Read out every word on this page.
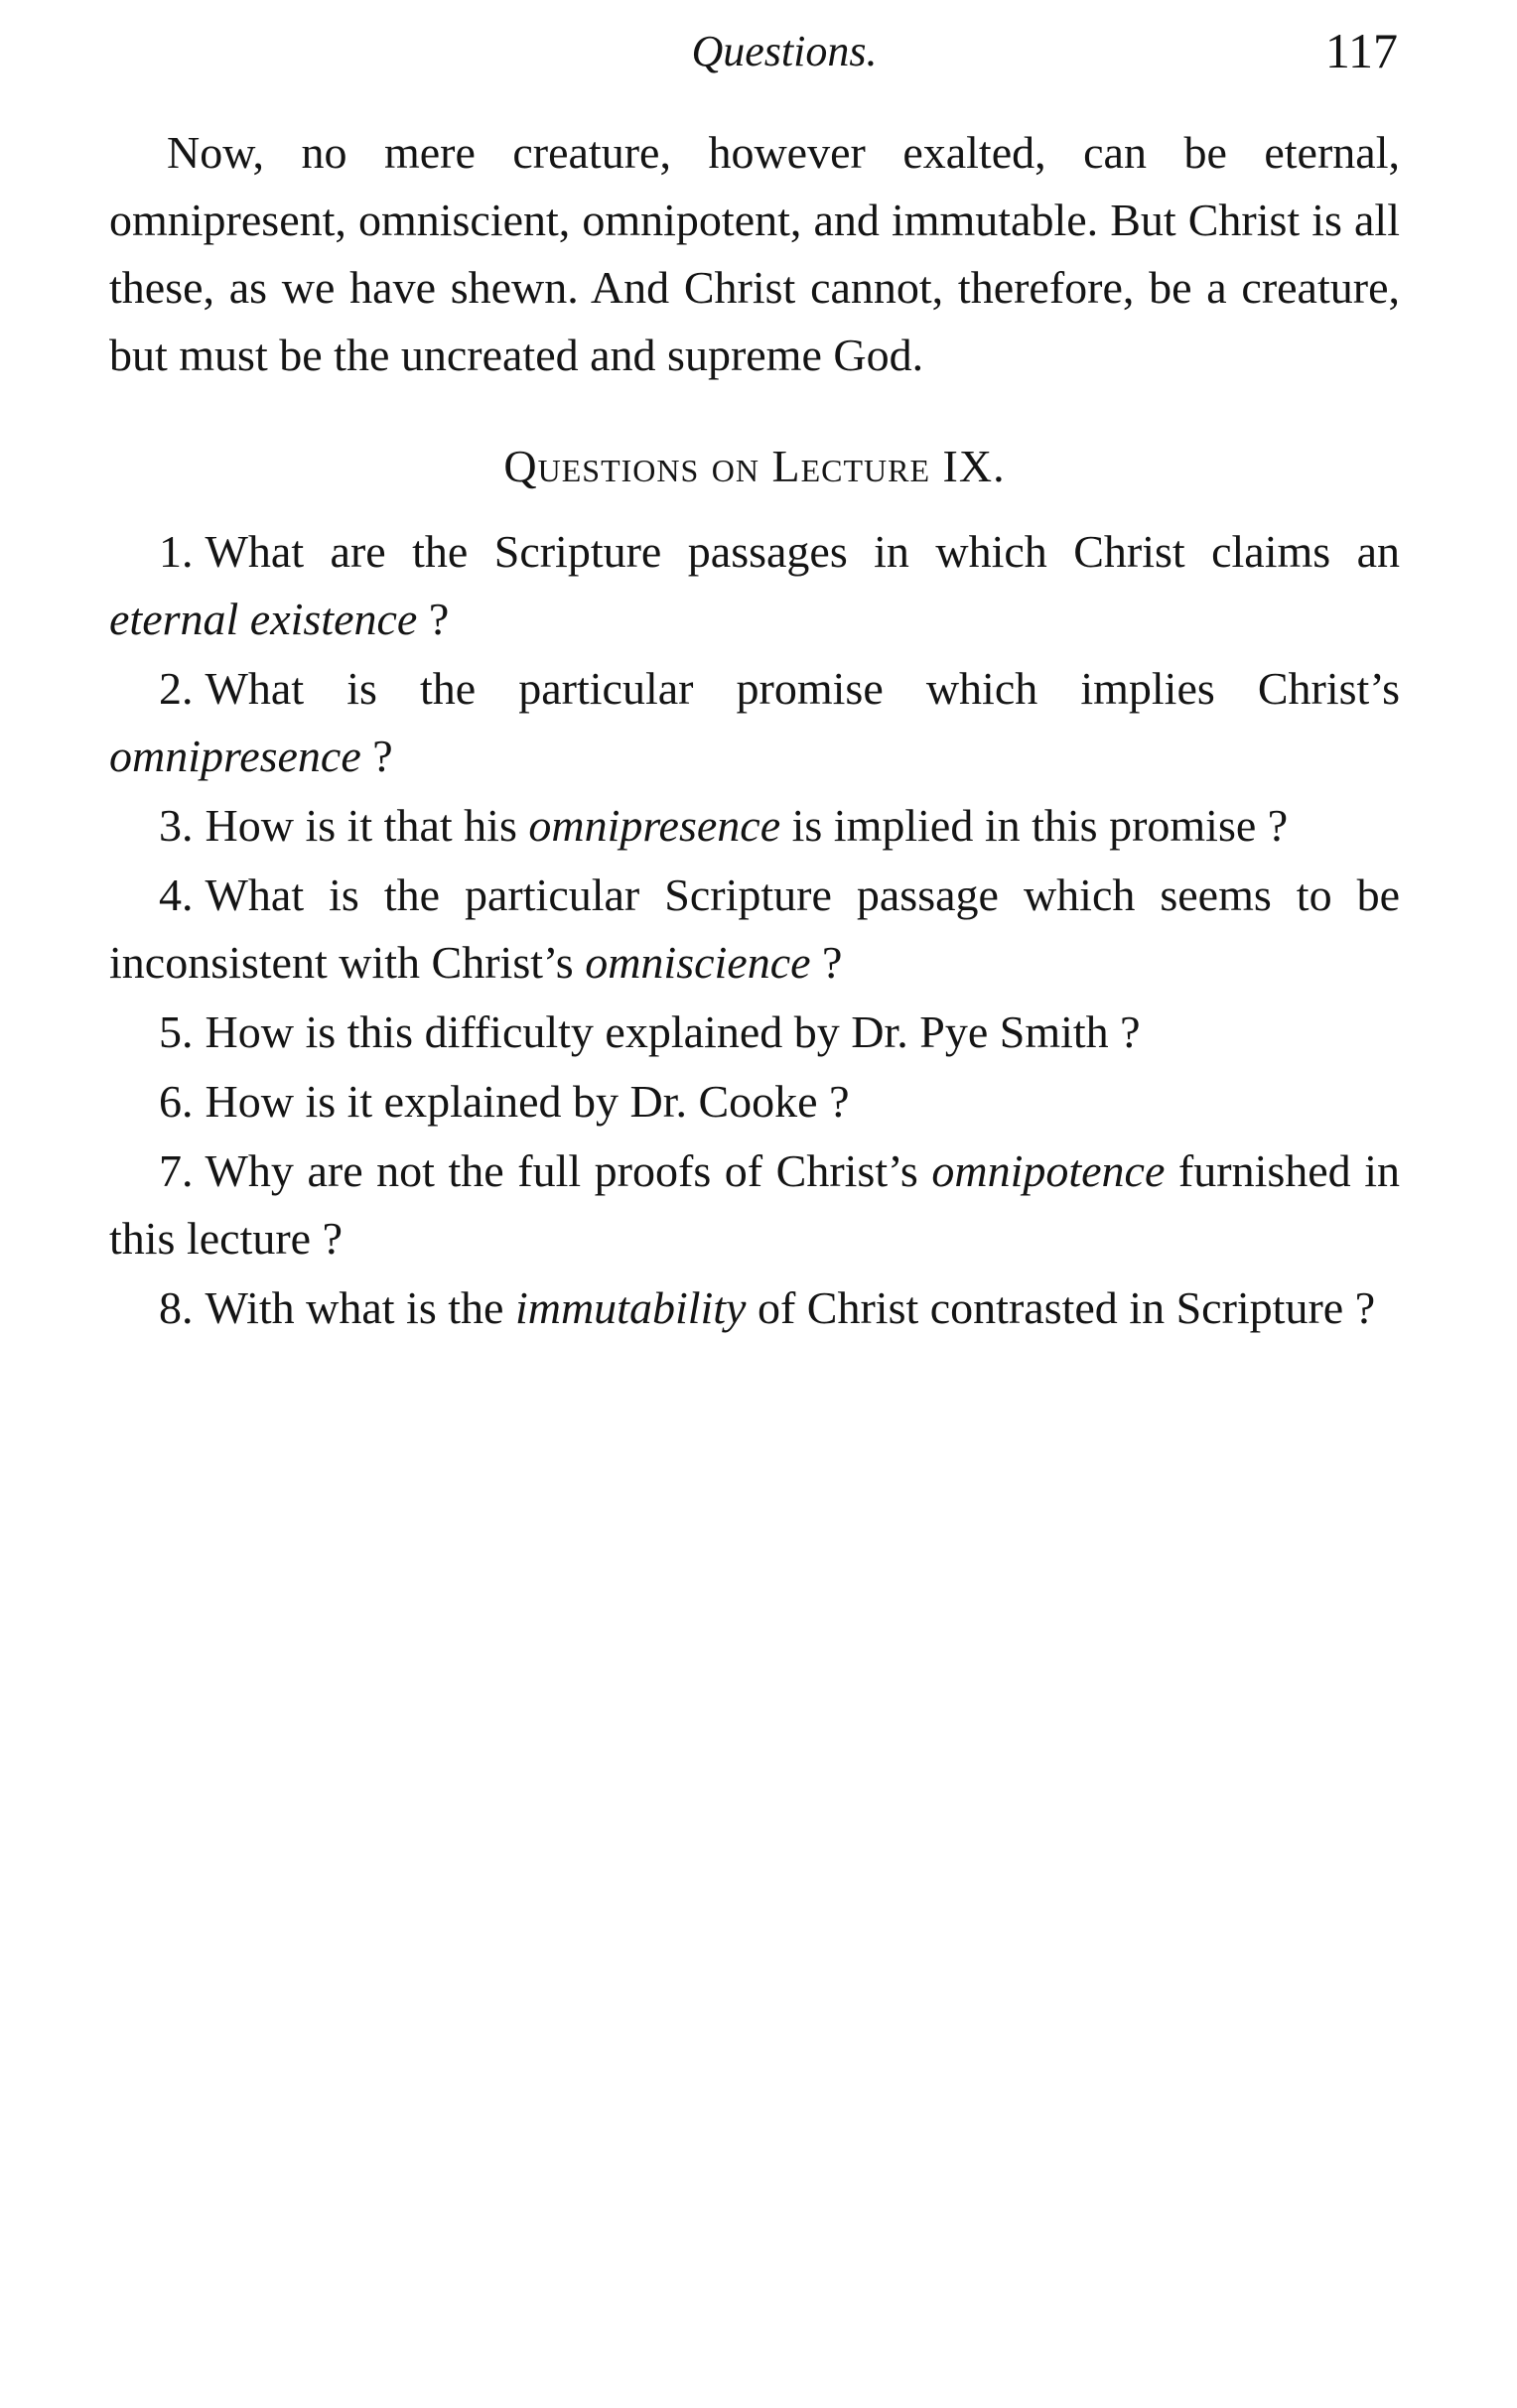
Questions.	117

Now, no mere creature, however exalted, can be eternal, omnipresent, omniscient, omnipotent, and immutable. But Christ is all these, as we have shewn. And Christ cannot, therefore, be a creature, but must be the uncreated and supreme God.

Questions on Lecture IX.

1. What are the Scripture passages in which Christ claims an eternal existence ?

2. What is the particular promise which implies Christ’s omnipresence ?

3. How is it that his omnipresence is implied in this promise ?

4. What is the particular Scripture passage which seems to be inconsistent with Christ’s omniscience ?

5. How is this difficulty explained by Dr. Pye Smith ?

6. How is it explained by Dr. Cooke ?

7. Why are not the full proofs of Christ’s omnipotence furnished in this lecture ?

8. With what is the immutability of Christ contrasted in Scripture ?
